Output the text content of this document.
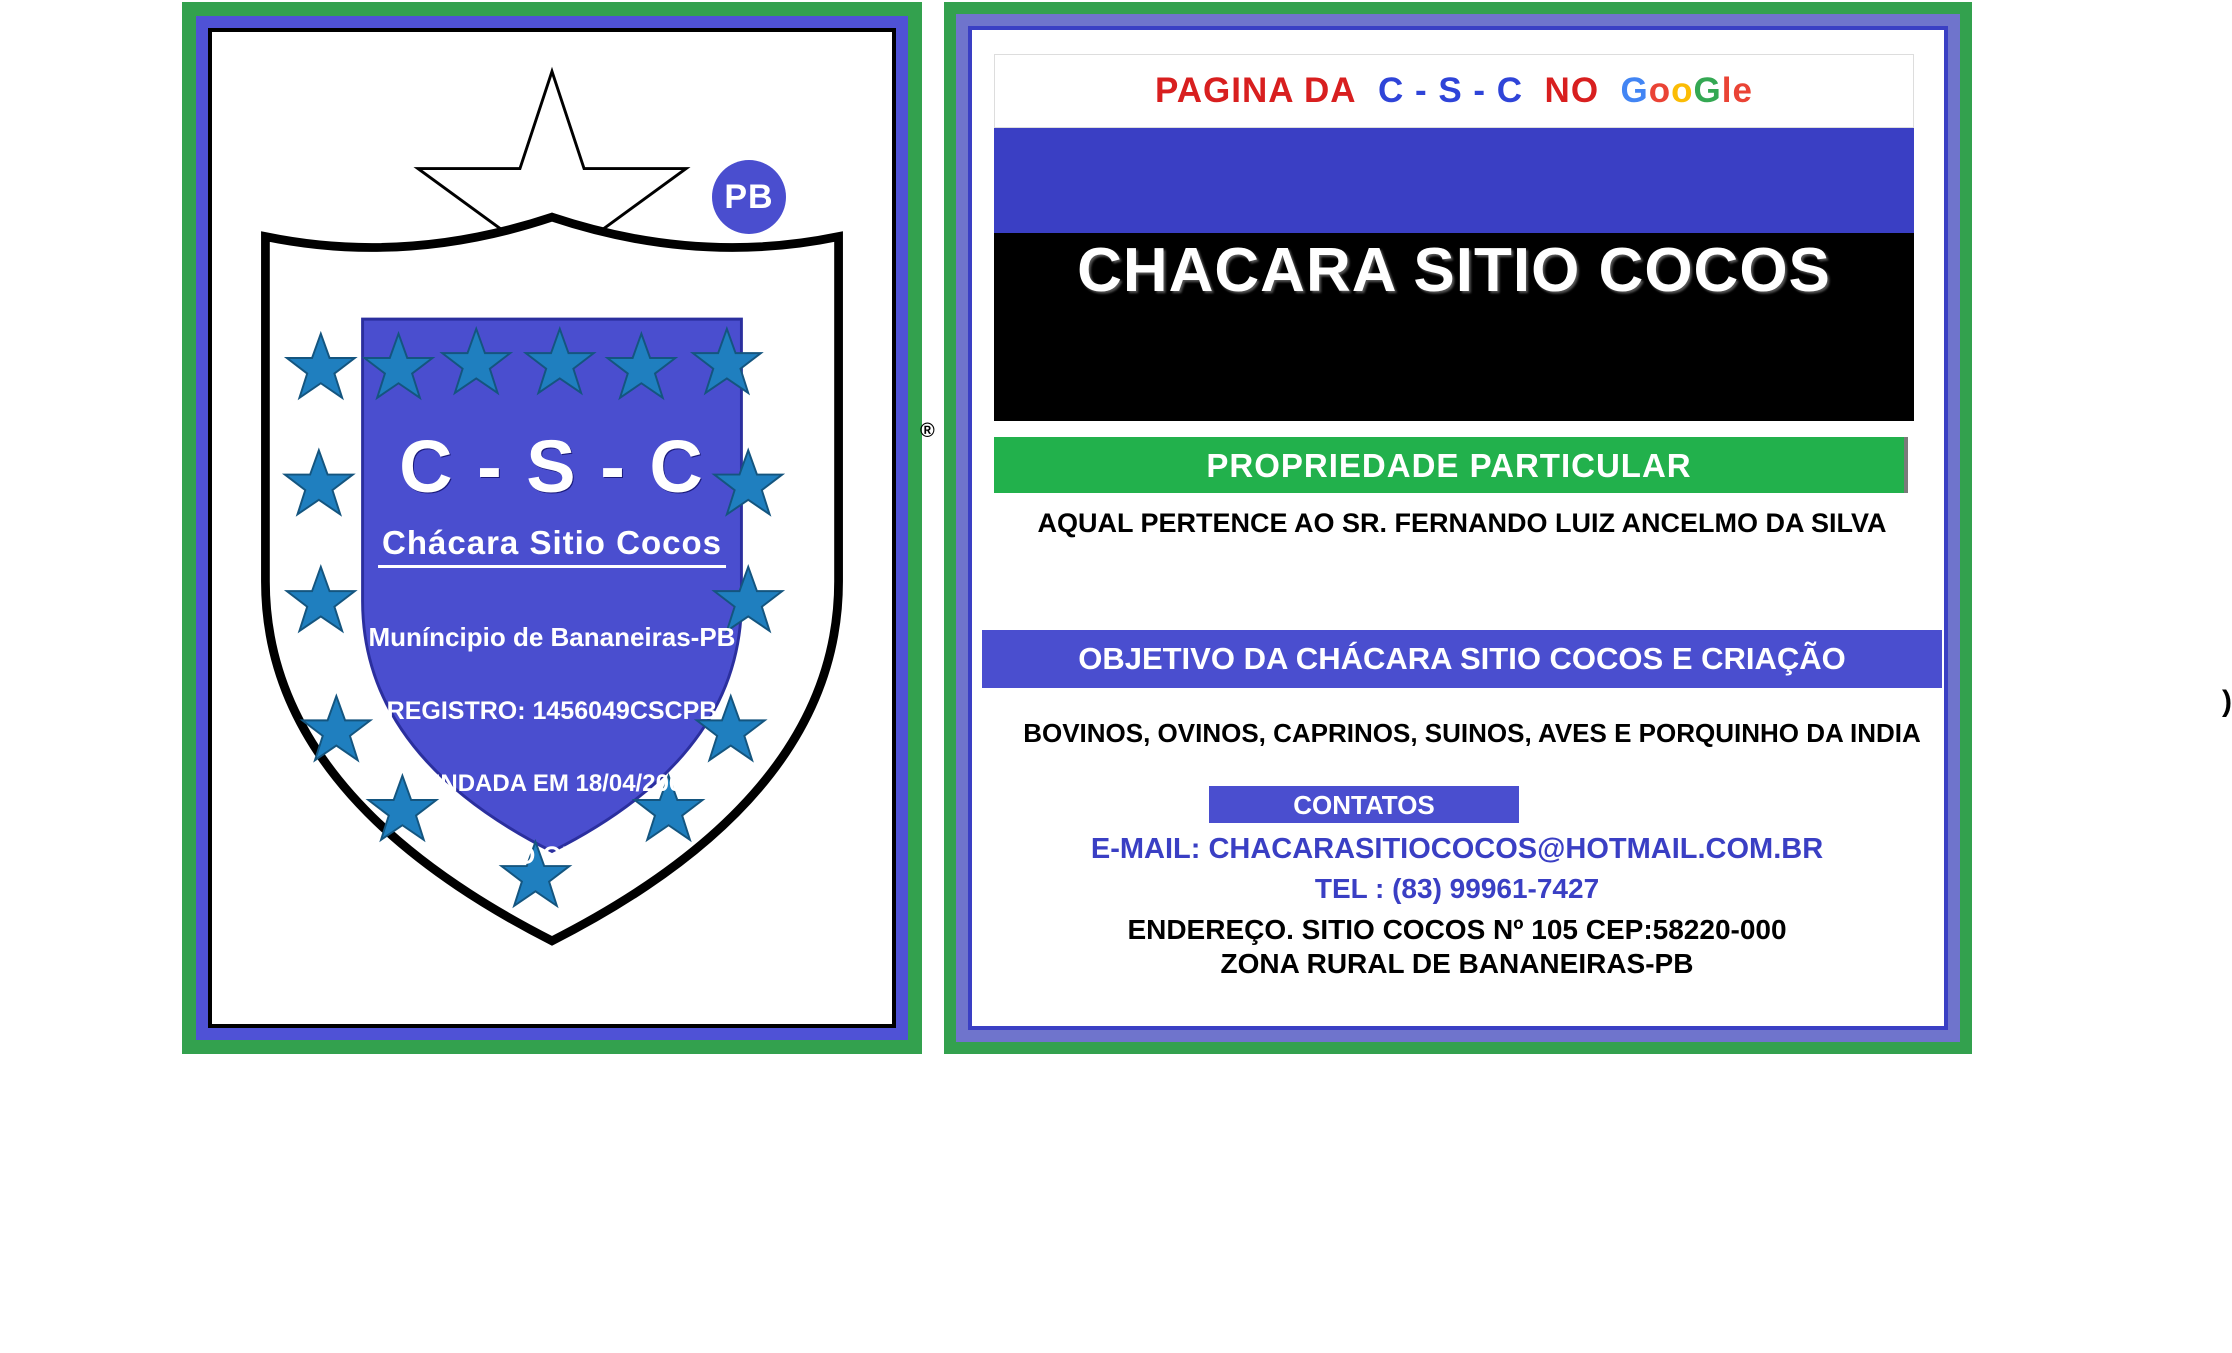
PB
C - S - C
Chácara Sitio Cocos
®
Muníncipio de Bananeiras-PB
REGISTRO: 1456049CSCPB
FUNDADA EM 18/04/2000
LOGO OFICIAL
PAGINA DA
C - S - C
NO
G o o G l e
CHACARA SITIO COCOS
PROPRIEDADE PARTICULAR
AQUAL PERTENCE AO SR. FERNANDO LUIZ ANCELMO DA SILVA
OBJETIVO DA CHÁCARA SITIO COCOS E CRIAÇÃO
)
BOVINOS, OVINOS, CAPRINOS, SUINOS, AVES E PORQUINHO DA INDIA
CONTATOS
E-MAIL: CHACARASITIOCOCOS@HOTMAIL.COM.BR
TEL : (83) 99961-7427
ENDEREÇO. SITIO COCOS Nº 105 CEP:58220-000
ZONA RURAL DE BANANEIRAS-PB
